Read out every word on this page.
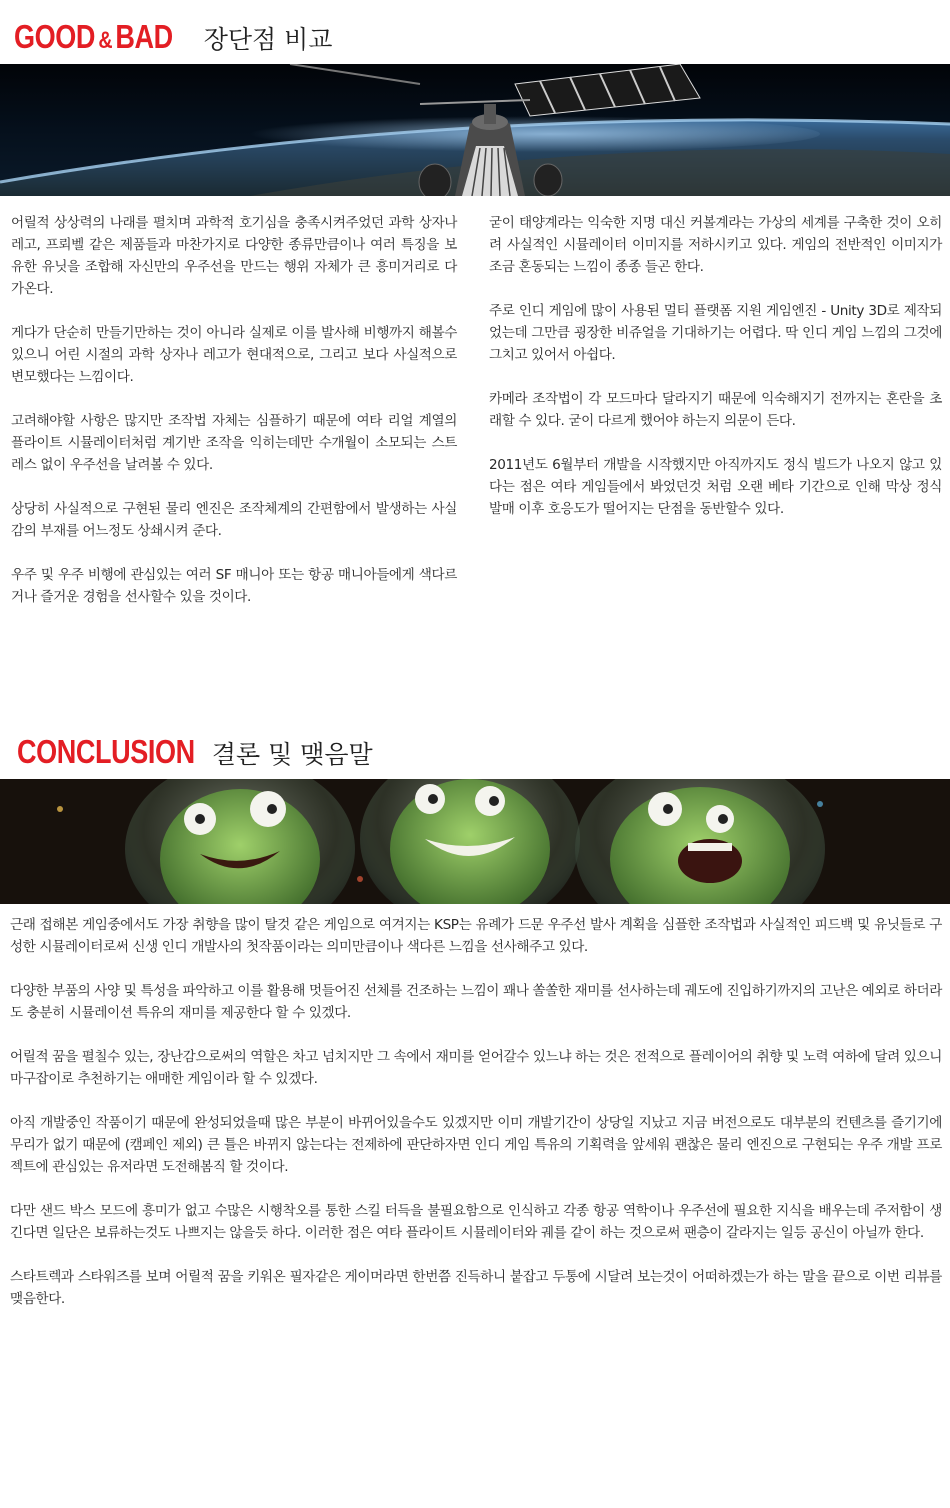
GOOD &BAD 장단점 비교

어릴적 상상력의 나래를 펼치며 과학적 호기심을 충족시켜주었던 과학 상자나 레고, 프뢰벨 같은 제품들과 마찬가지로 다양한 종류만큼이나 여러 특징을 보유한 유닛을 조합해 자신만의 우주선을 만드는 행위 자체가 큰 흥미거리로 다가온다.

게다가 단순히 만들기만하는 것이 아니라 실제로 이를 발사해 비행까지 해볼수 있으니 어린 시절의 과학 상자나 레고가 현대적으로, 그리고 보다 사실적으로 변모했다는 느낌이다.

고려해야할 사항은 많지만 조작법 자체는 심플하기 때문에 여타 리얼 계열의 플라이트 시뮬레이터처럼 계기반 조작을 익히는데만 수개월이 소모되는 스트레스 없이 우주선을 날려볼 수 있다.

상당히 사실적으로 구현된 물리 엔진은 조작체계의 간편함에서 발생하는 사실감의 부재를 어느정도 상쇄시켜 준다.

우주 및 우주 비행에 관심있는 여러 SF 매니아 또는 항공 매니아들에게 색다르거나 즐거운 경험을 선사할수 있을 것이다.

굳이 태양계라는 익숙한 지명 대신 커볼계라는 가상의 세계를 구축한 것이 오히려 사실적인 시뮬레이터 이미지를 저하시키고 있다. 게임의 전반적인 이미지가 조금 혼동되는 느낌이 종종 들곤 한다.

주로 인디 게임에 많이 사용된 멀티 플랫폼 지원 게임엔진 - Unity 3D로 제작되었는데 그만큼 굉장한 비쥬얼을 기대하기는 어렵다. 딱 인디 게임 느낌의 그것에 그치고 있어서 아쉽다.

카메라 조작법이 각 모드마다 달라지기 때문에 익숙해지기 전까지는 혼란을 초래할 수 있다. 굳이 다르게 했어야 하는지 의문이 든다.

2011년도 6월부터 개발을 시작했지만 아직까지도 정식 빌드가 나오지 않고 있다는 점은 여타 게임들에서 봐었던것 처럼 오랜 베타 기간으로 인해 막상 정식 발매 이후 호응도가 떨어지는 단점을 동반할수 있다.

CONCLUSION 결론 및 맺음말

근래 접해본 게임중에서도 가장 취향을 많이 탈것 같은 게임으로 여겨지는 KSP는 유례가 드문 우주선 발사 계획을 심플한 조작법과 사실적인 피드백 및 유닛들로 구성한 시뮬레이터로써 신생 인디 개발사의 첫작품이라는 의미만큼이나 색다른 느낌을 선사해주고 있다.

다양한 부품의 사양 및 특성을 파악하고 이를 활용해 멋들어진 선체를 건조하는 느낌이 꽤나 쏠쏠한 재미를 선사하는데 궤도에 진입하기까지의 고난은 예외로 하더라도 충분히 시뮬레이션 특유의 재미를 제공한다 할 수 있겠다.

어릴적 꿈을 펼칠수 있는, 장난감으로써의 역할은 차고 넘치지만 그 속에서 재미를 얻어갈수 있느냐 하는 것은 전적으로 플레이어의 취향 및 노력 여하에 달려 있으니 마구잡이로 추천하기는 애매한 게임이라 할 수 있겠다.

아직 개발중인 작품이기 때문에 완성되었을때 많은 부분이 바뀌어있을수도 있겠지만 이미 개발기간이 상당일 지났고 지금 버전으로도 대부분의 컨텐츠를 즐기기에 무리가 없기 때문에 (캠페인 제외) 큰 틀은 바뀌지 않는다는 전제하에 판단하자면 인디 게임 특유의 기획력을 앞세워 괜찮은 물리 엔진으로 구현되는 우주 개발 프로젝트에 관심있는 유저라면 도전해봄직 할 것이다.

다만 샌드 박스 모드에 흥미가 없고 수많은 시행착오를 통한 스킬 터득을 불필요함으로 인식하고 각종 항공 역학이나 우주선에 필요한 지식을 배우는데 주저함이 생긴다면 일단은 보류하는것도 나쁘지는 않을듯 하다. 이러한 점은 여타 플라이트 시뮬레이터와 궤를 같이 하는 것으로써 팬층이 갈라지는 일등 공신이 아닐까 한다.

스타트렉과 스타워즈를 보며 어릴적 꿈을 키워온 필자같은 게이머라면 한번쯤 진득하니 붙잡고 두통에 시달려 보는것이 어떠하겠는가 하는 말을 끝으로 이번 리뷰를 맺음한다.
